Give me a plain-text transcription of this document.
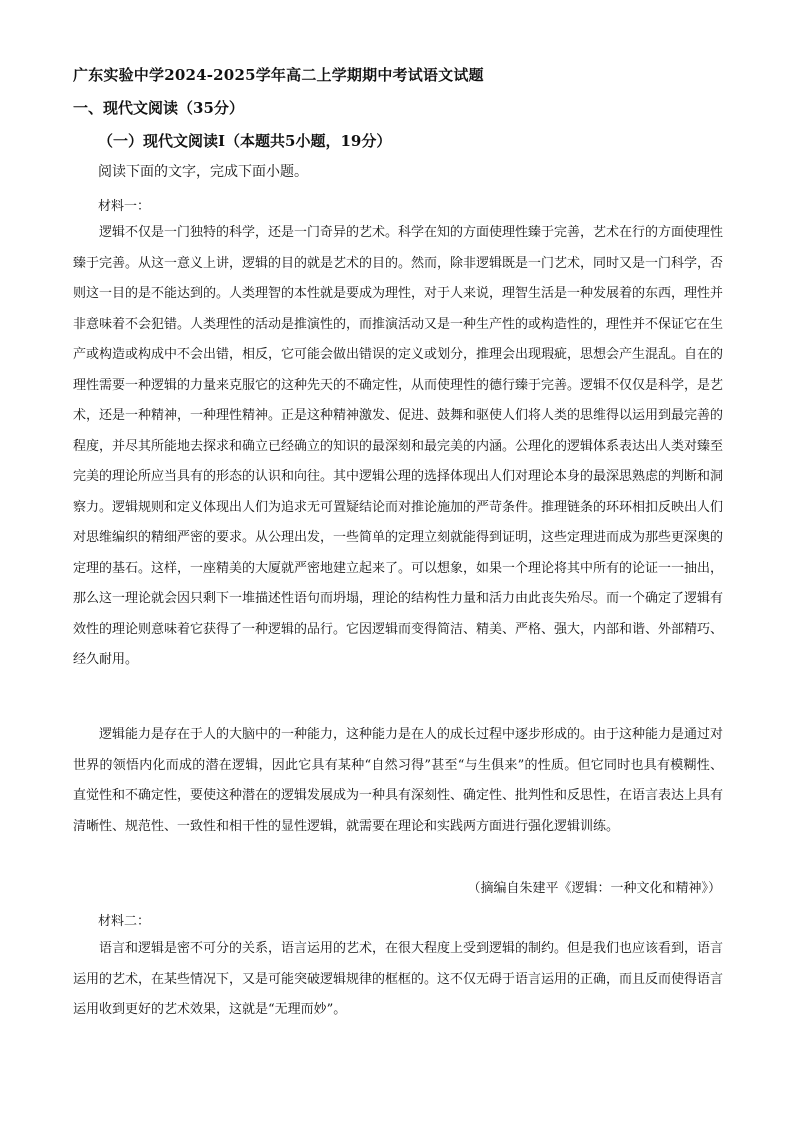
广东实验中学2024-2025学年高二上学期期中考试语文试题
一、现代文阅读（35分）
（一）现代文阅读Ⅰ（本题共5小题，19分）
阅读下面的文字，完成下面小题。
材料一：

逻辑不仅是一门独特的科学，还是一门奇异的艺术。科学在知的方面使理性臻于完善，艺术在行的方面使理性臻于完善。从这一意义上讲，逻辑的目的就是艺术的目的。然而，除非逻辑既是一门艺术，同时又是一门科学，否则这一目的是不能达到的。人类理智的本性就是要成为理性，对于人来说，理智生活是一种发展着的东西，理性并非意味着不会犯错。人类理性的活动是推演性的，而推演活动又是一种生产性的或构造性的，理性并不保证它在生产或构造或构成中不会出错，相反，它可能会做出错误的定义或划分，推理会出现瑕疵，思想会产生混乱。自在的理性需要一种逻辑的力量来克服它的这种先天的不确定性，从而使理性的德行臻于完善。逻辑不仅仅是科学，是艺术，还是一种精神，一种理性精神。正是这种精神激发、促进、鼓舞和驱使人们将人类的思维得以运用到最完善的程度，并尽其所能地去探求和确立已经确立的知识的最深刻和最完美的内涵。公理化的逻辑体系表达出人类对臻至完美的理论所应当具有的形态的认识和向往。其中逻辑公理的选择体现出人们对理论本身的最深思熟虑的判断和洞察力。逻辑规则和定义体现出人们为追求无可置疑结论而对推论施加的严苛条件。推理链条的环环相扣反映出人们对思维编织的精细严密的要求。从公理出发，一些简单的定理立刻就能得到证明，这些定理进而成为那些更深奥的定理的基石。这样，一座精美的大厦就严密地建立起来了。可以想象，如果一个理论将其中所有的论证一一抽出，那么这一理论就会因只剩下一堆描述性语句而坍塌，理论的结构性力量和活力由此丧失殆尽。而一个确定了逻辑有效性的理论则意味着它获得了一种逻辑的品行。它因逻辑而变得简洁、精美、严格、强大，内部和谐、外部精巧、经久耐用。

逻辑能力是存在于人的大脑中的一种能力，这种能力是在人的成长过程中逐步形成的。由于这种能力是通过对世界的领悟内化而成的潜在逻辑，因此它具有某种“自然习得”甚至“与生俱来”的性质。但它同时也具有模糊性、直觉性和不确定性，要使这种潜在的逻辑发展成为一种具有深刻性、确定性、批判性和反思性，在语言表达上具有清晰性、规范性、一致性和相干性的显性逻辑，就需要在理论和实践两方面进行强化逻辑训练。

（摘编自朱建平《逻辑：一种文化和精神》）
材料二：

语言和逻辑是密不可分的关系，语言运用的艺术，在很大程度上受到逻辑的制约。但是我们也应该看到，语言运用的艺术，在某些情况下，又是可能突破逻辑规律的框框的。这不仅无碍于语言运用的正确，而且反而使得语言运用收到更好的艺术效果，这就是“无理而妙”。
